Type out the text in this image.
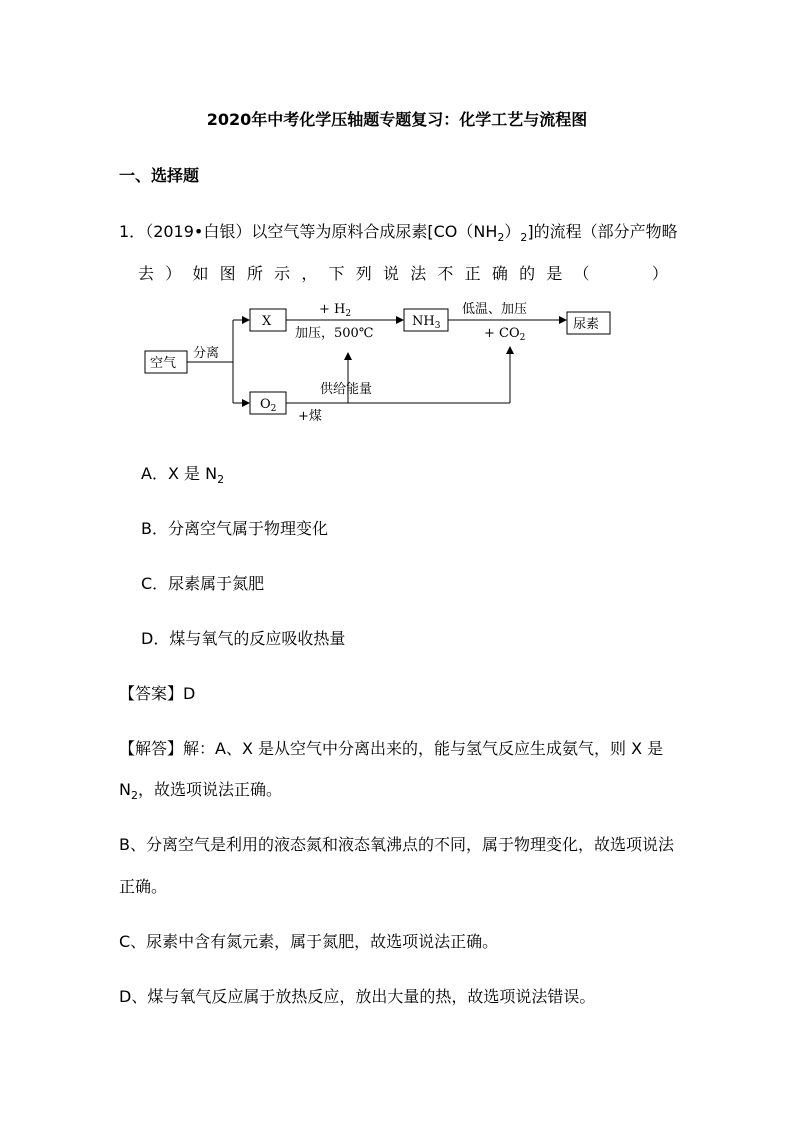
2020年中考化学压轴题专题复习：化学工艺与流程图
一、选择题
1．（2019•白银）以空气等为原料合成尿素$[CO(NH_2)_2]$的流程（部分产物略
去 ） 如 图 所 示 ， 下 列 说 法 不 正 确 的 是 （	）
空气
分离
X
$O_2$
+ $H_2$
加压，500℃
$NH_3$
低温、加压
+ $CO_2$
尿素
供给能量
+煤
A．X 是 $N_2$
B．分离空气属于物理变化
C．尿素属于氮肥
D．煤与氧气的反应吸收热量
【答案】D
【解答】解：A、X 是从空气中分离出来的，能与氢气反应生成氨气，则 X 是
$N_2$，故选项说法正确。
B、分离空气是利用的液态氮和液态氧沸点的不同，属于物理变化，故选项说法
正确。
C、尿素中含有氮元素，属于氮肥，故选项说法正确。
D、煤与氧气反应属于放热反应，放出大量的热，故选项说法错误。
